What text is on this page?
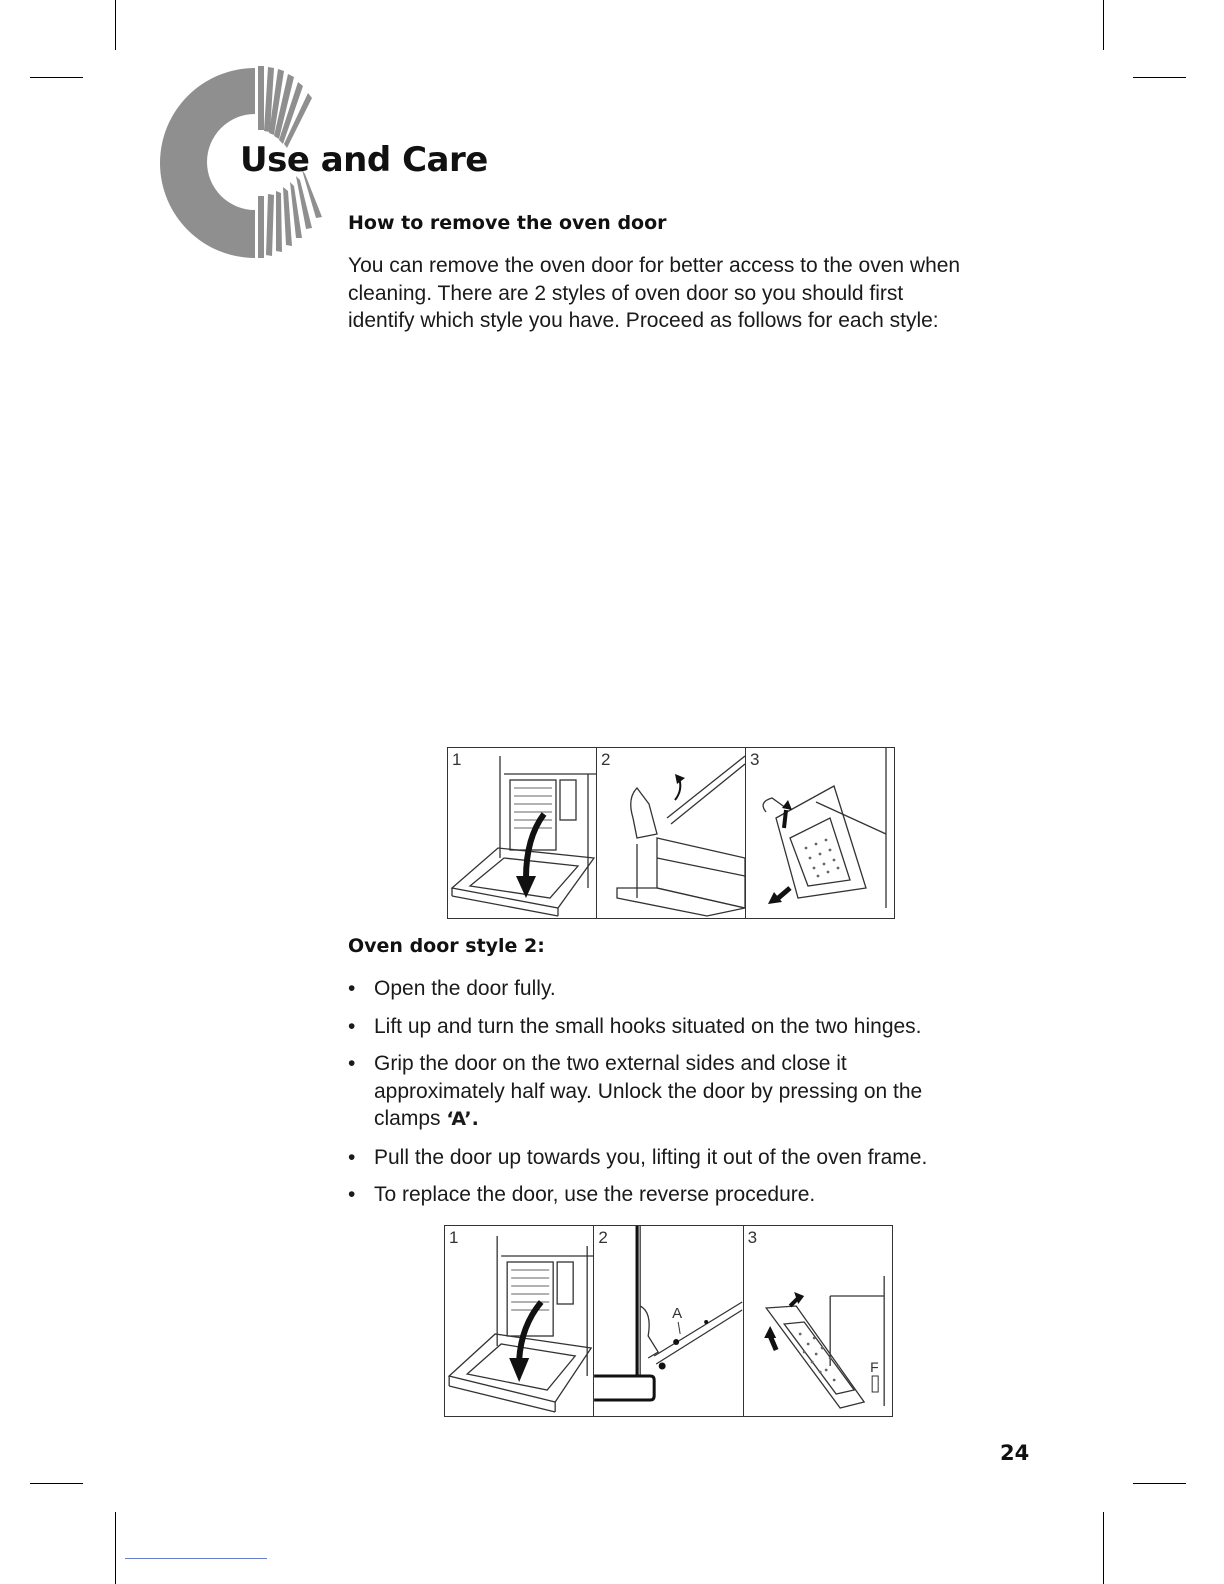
Use and Care
How to remove the oven door
You can remove the oven door for better access to the oven when
cleaning. There are 2 styles of oven door so you should first
identify which style you have. Proceed as follows for each style:
1	2	3
Oven door style 2:
• Open the door fully.
• Lift up and turn the small hooks situated on the two hinges.
• Grip the door on the two external sides and close it
approximately half way. Unlock the door by pressing on the
clamps ‘A’.
• Pull the door up towards you, lifting it out of the oven frame.
• To replace the door, use the reverse procedure.
1	2
A
3
F
24
